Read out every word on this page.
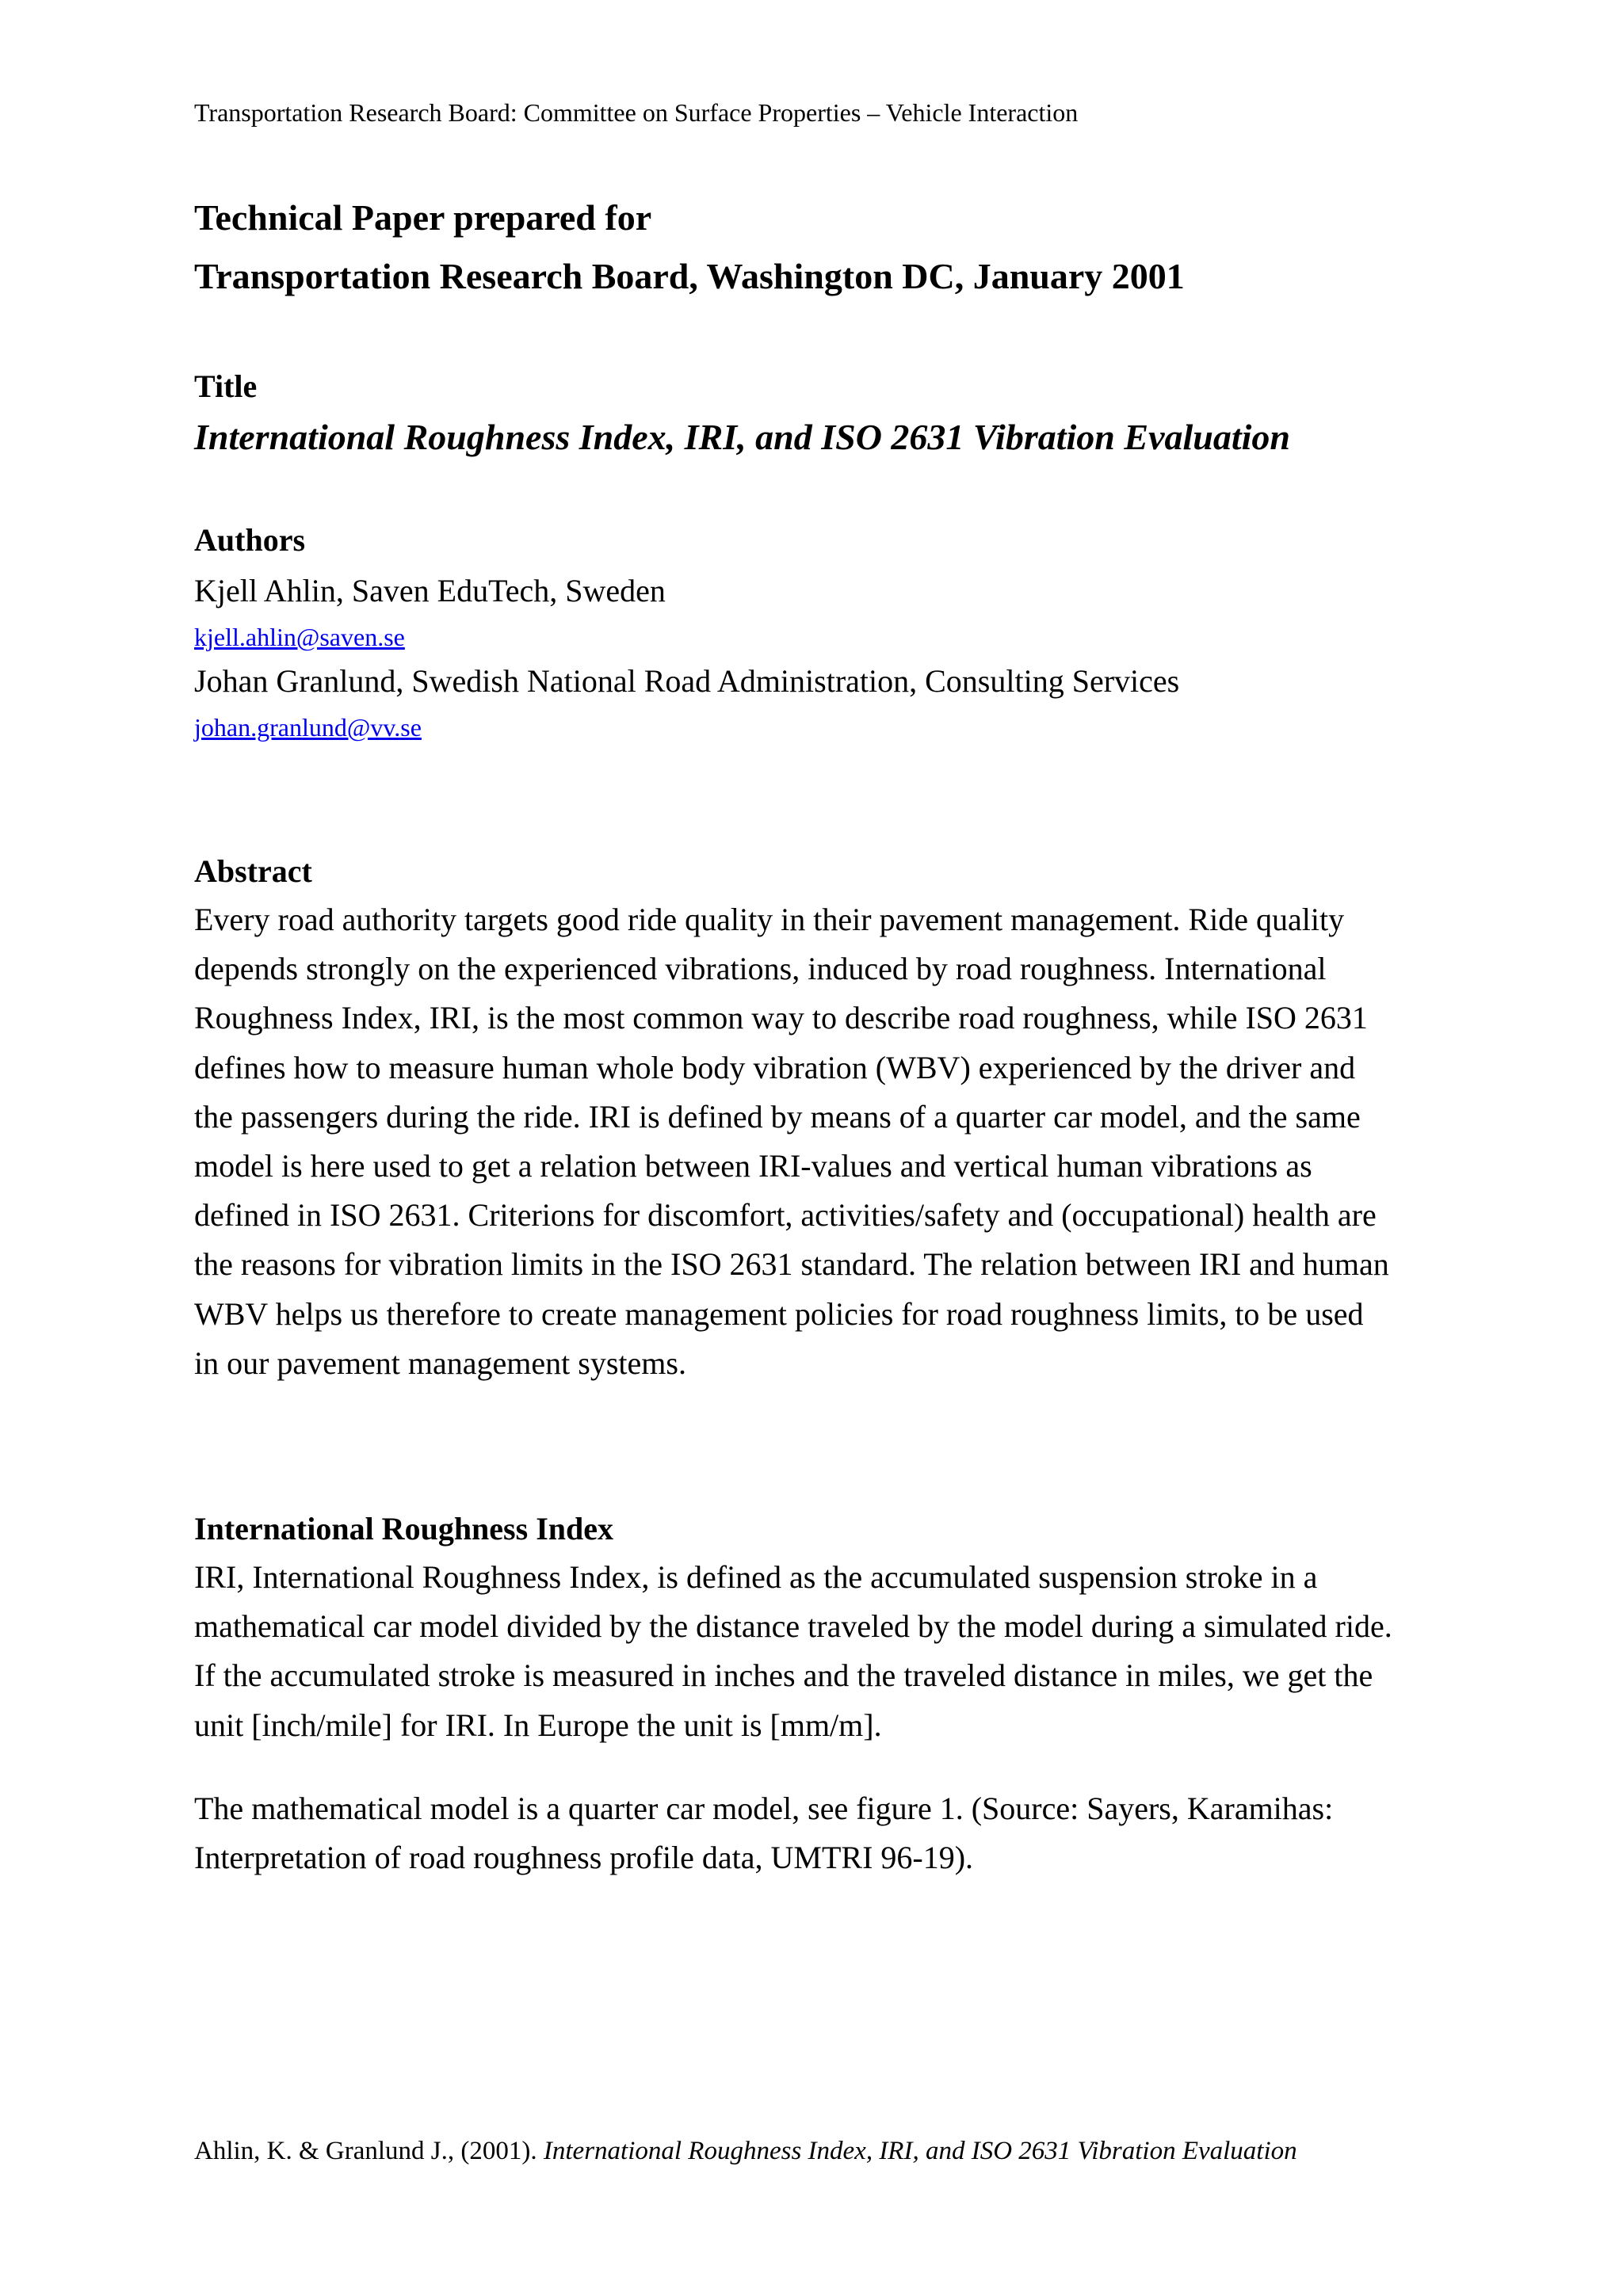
Transportation Research Board: Committee on Surface Properties – Vehicle Interaction
Technical Paper prepared for
Transportation Research Board, Washington DC, January 2001
Title
International Roughness Index, IRI, and ISO 2631 Vibration Evaluation
Authors
Kjell Ahlin, Saven EduTech, Sweden
kjell.ahlin@saven.se
Johan Granlund, Swedish National Road Administration, Consulting Services
johan.granlund@vv.se
Abstract
Every road authority targets good ride quality in their pavement management. Ride quality
depends strongly on the experienced vibrations, induced by road roughness. International
Roughness Index, IRI, is the most common way to describe road roughness, while ISO 2631
defines how to measure human whole body vibration (WBV) experienced by the driver and
the passengers during the ride. IRI is defined by means of a quarter car model, and the same
model is here used to get a relation between IRI-values and vertical human vibrations as
defined in ISO 2631. Criterions for discomfort, activities/safety and (occupational) health are
the reasons for vibration limits in the ISO 2631 standard. The relation between IRI and human
WBV helps us therefore to create management policies for road roughness limits, to be used
in our pavement management systems.
International Roughness Index
IRI, International Roughness Index, is defined as the accumulated suspension stroke in a
mathematical car model divided by the distance traveled by the model during a simulated ride.
If the accumulated stroke is measured in inches and the traveled distance in miles, we get the
unit [inch/mile] for IRI. In Europe the unit is [mm/m].
The mathematical model is a quarter car model, see figure 1. (Source: Sayers, Karamihas:
Interpretation of road roughness profile data, UMTRI 96-19).
Ahlin, K. & Granlund J., (2001). International Roughness Index, IRI, and ISO 2631 Vibration Evaluation
